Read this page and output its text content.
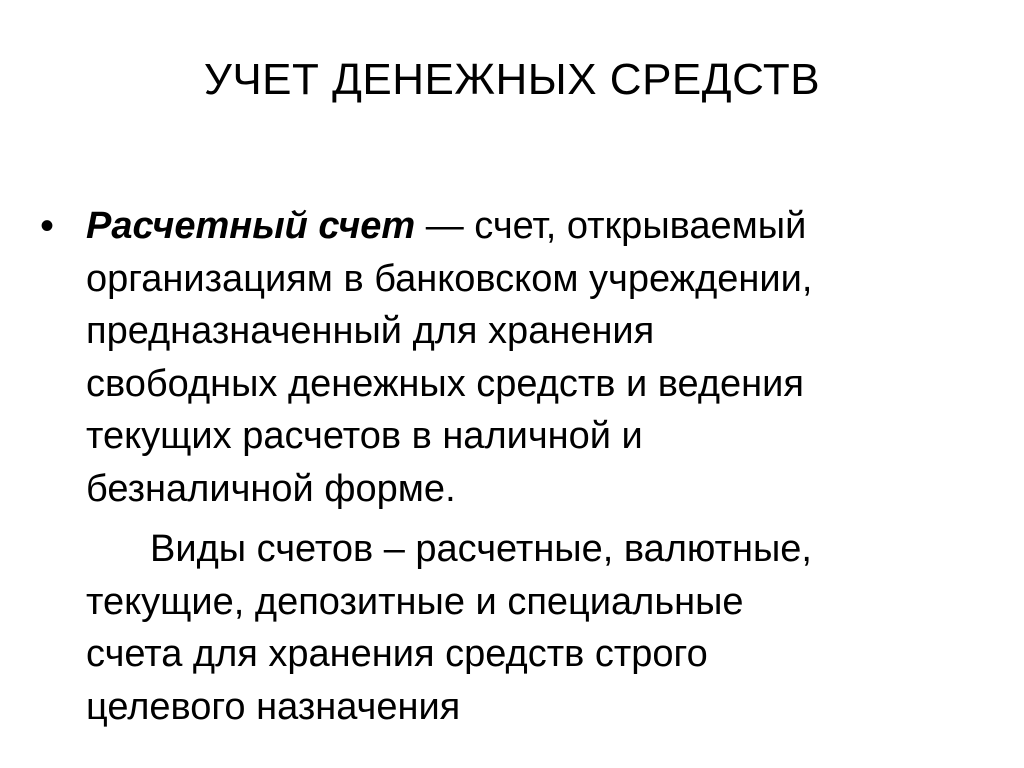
УЧЕТ ДЕНЕЖНЫХ СРЕДСТВ
• Расчетный счет — счет, открываемый
организациям в банковском учреждении,
предназначенный для хранения
свободных денежных средств и ведения
текущих расчетов в наличной и
безналичной форме.
Виды счетов – расчетные, валютные,
текущие, депозитные и специальные
счета для хранения средств строго
целевого назначения
